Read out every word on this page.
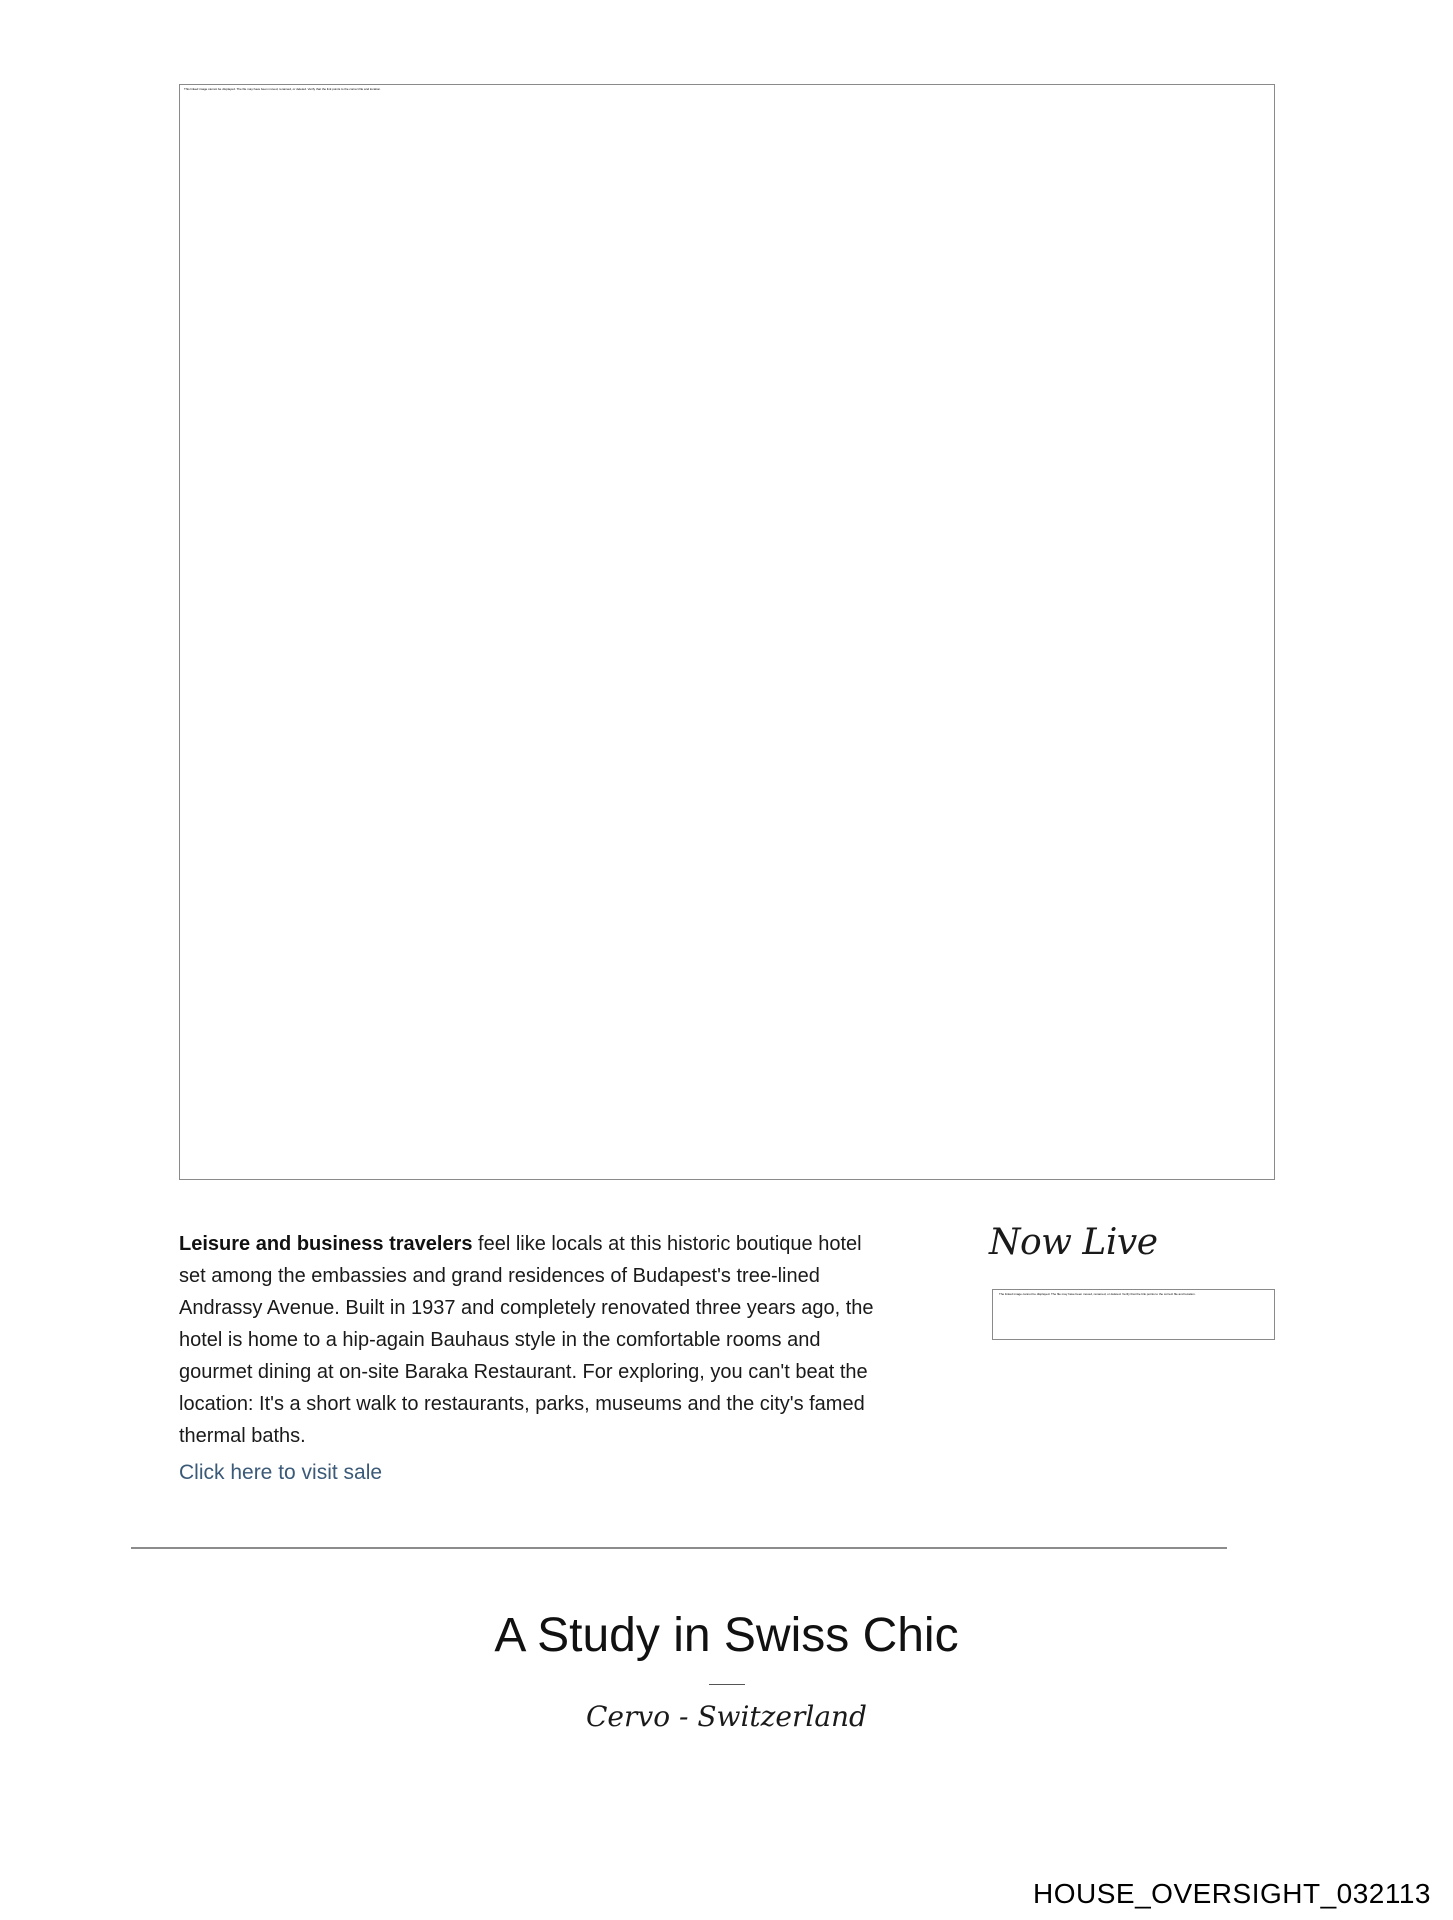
This linked image cannot be displayed. The file may have been moved, renamed, or deleted. Verify that the link points to the correct file and location.

Leisure and business travelers feel like locals at this historic boutique hotel set among the embassies and grand residences of Budapest's tree-lined Andrassy Avenue. Built in 1937 and completely renovated three years ago, the hotel is home to a hip-again Bauhaus style in the comfortable rooms and gourmet dining at on-site Baraka Restaurant. For exploring, you can't beat the location: It's a short walk to restaurants, parks, museums and the city's famed thermal baths.

Click here to visit sale
Now Live
The linked image cannot be displayed. The file may have been moved, renamed, or deleted. Verify that the link points to the correct file and location.
A Study in Swiss Chic
Cervo - Switzerland
HOUSE_OVERSIGHT_032113
